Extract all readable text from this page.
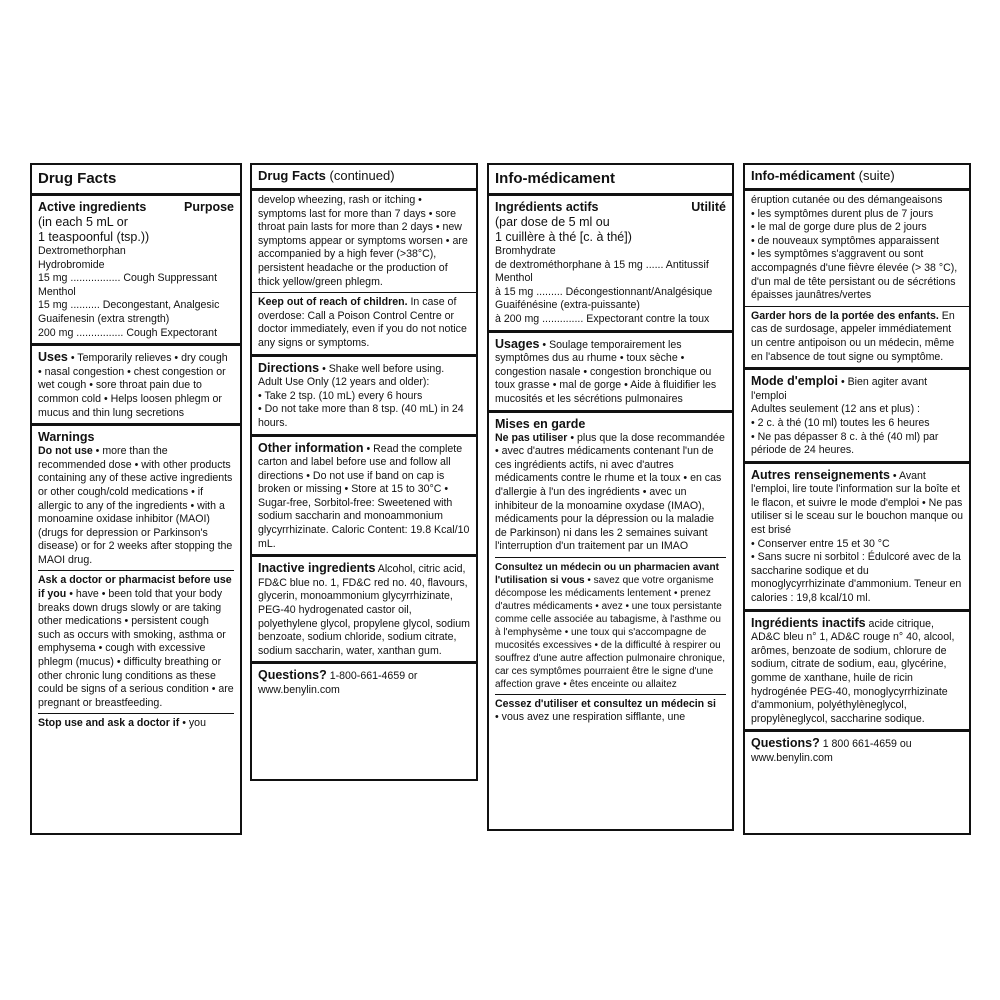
Drug Facts
Active ingredients	Purpose
(in each 5 mL or
1 teaspoonful (tsp.))
Dextromethorphan
Hydrobromide
15 mg ................. Cough Suppressant
Menthol
15 mg .......... Decongestant, Analgesic
Guaifenesin (extra strength)
200 mg ................ Cough Expectorant
Uses • Temporarily relieves • dry cough • nasal congestion • chest congestion or wet cough • sore throat pain due to common cold • Helps loosen phlegm or mucus and thin lung secretions
Warnings
Do not use • more than the recommended dose • with other products containing any of these active ingredients or other cough/cold medications • if allergic to any of the ingredients • with a monoamine oxidase inhibitor (MAOI) (drugs for depression or Parkinson's disease) or for 2 weeks after stopping the MAOI drug.
Ask a doctor or pharmacist before use if you • have • been told that your body breaks down drugs slowly or are taking other medications • persistent cough such as occurs with smoking, asthma or emphysema • cough with excessive phlegm (mucus) • difficulty breathing or other chronic lung conditions as these could be signs of a serious condition • are pregnant or breastfeeding.
Stop use and ask a doctor if • you
Drug Facts (continued)
develop wheezing, rash or itching • symptoms last for more than 7 days • sore throat pain lasts for more than 2 days • new symptoms appear or symptoms worsen • are accompanied by a high fever (>38°C), persistent headache or the production of thick yellow/green phlegm.
Keep out of reach of children. In case of overdose: Call a Poison Control Centre or doctor immediately, even if you do not notice any signs or symptoms.
Directions • Shake well before using.
Adult Use Only (12 years and older):
• Take 2 tsp. (10 mL) every 6 hours
• Do not take more than 8 tsp. (40 mL) in 24 hours.
Other information • Read the complete carton and label before use and follow all directions • Do not use if band on cap is broken or missing • Store at 15 to 30°C • Sugar-free, Sorbitol-free: Sweetened with sodium saccharin and monoammonium glycyrrhizinate. Caloric Content: 19.8 Kcal/10 mL.
Inactive ingredients Alcohol, citric acid, FD&C blue no. 1, FD&C red no. 40, flavours, glycerin, monoammonium glycyrrhizinate, PEG-40 hydrogenated castor oil, polyethylene glycol, propylene glycol, sodium benzoate, sodium chloride, sodium citrate, sodium saccharin, water, xanthan gum.
Questions? 1-800-661-4659 or
www.benylin.com
Info-médicament
Ingrédients actifs	Utilité
(par dose de 5 ml ou
1 cuillère à thé [c. à thé])
Bromhydrate
de dextrométhorphane à 15 mg ...... Antitussif
Menthol
à 15 mg ......... Décongestionnant/Analgésique
Guaifénésine (extra-puissante)
à 200 mg .............. Expectorant contre la toux
Usages • Soulage temporairement les symptômes dus au rhume • toux sèche • congestion nasale • congestion bronchique ou toux grasse • mal de gorge • Aide à fluidifier les mucosités et les sécrétions pulmonaires
Mises en garde
Ne pas utiliser • plus que la dose recommandée • avec d'autres médicaments contenant l'un de ces ingrédients actifs, ni avec d'autres médicaments contre le rhume et la toux • en cas d'allergie à l'un des ingrédients • avec un inhibiteur de la monoamine oxydase (IMAO), médicaments pour la dépression ou la maladie de Parkinson) ni dans les 2 semaines suivant l'interruption d'un traitement par un IMAO
Consultez un médecin ou un pharmacien avant l'utilisation si vous • savez que votre organisme décompose les médicaments lentement • prenez d'autres médicaments • avez • une toux persistante comme celle associée au tabagisme, à l'asthme ou à l'emphysème • une toux qui s'accompagne de mucosités excessives • de la difficulté à respirer ou souffrez d'une autre affection pulmonaire chronique, car ces symptômes pourraient être le signe d'une affection grave • êtes enceinte ou allaitez
Cessez d'utiliser et consultez un médecin si
• vous avez une respiration sifflante, une
Info-médicament (suite)
éruption cutanée ou des démangeaisons
• les symptômes durent plus de 7 jours
• le mal de gorge dure plus de 2 jours
• de nouveaux symptômes apparaissent
• les symptômes s'aggravent ou sont accompagnés d'une fièvre élevée (> 38 °C), d'un mal de tête persistant ou de sécrétions épaisses jaunâtres/vertes
Garder hors de la portée des enfants. En cas de surdosage, appeler immédiatement un centre antipoison ou un médecin, même en l'absence de tout signe ou symptôme.
Mode d'emploi • Bien agiter avant l'emploi
Adultes seulement (12 ans et plus) :
• 2 c. à thé (10 ml) toutes les 6 heures
• Ne pas dépasser 8 c. à thé (40 ml) par période de 24 heures.
Autres renseignements • Avant l'emploi, lire toute l'information sur la boîte et le flacon, et suivre le mode d'emploi • Ne pas utiliser si le sceau sur le bouchon manque ou est brisé
• Conserver entre 15 et 30 °C
• Sans sucre ni sorbitol : Édulcoré avec de la saccharine sodique et du monoglycyrrhizinate d'ammonium. Teneur en calories : 19,8 kcal/10 ml.
Ingrédients inactifs acide citrique, AD&C bleu n° 1, AD&C rouge n° 40, alcool, arômes, benzoate de sodium, chlorure de sodium, citrate de sodium, eau, glycérine, gomme de xanthane, huile de ricin hydrogénée PEG-40, monoglycyrrhizinate d'ammonium, polyéthylèneglycol, propylèneglycol, saccharine sodique.
Questions? 1 800 661-4659 ou
www.benylin.com
